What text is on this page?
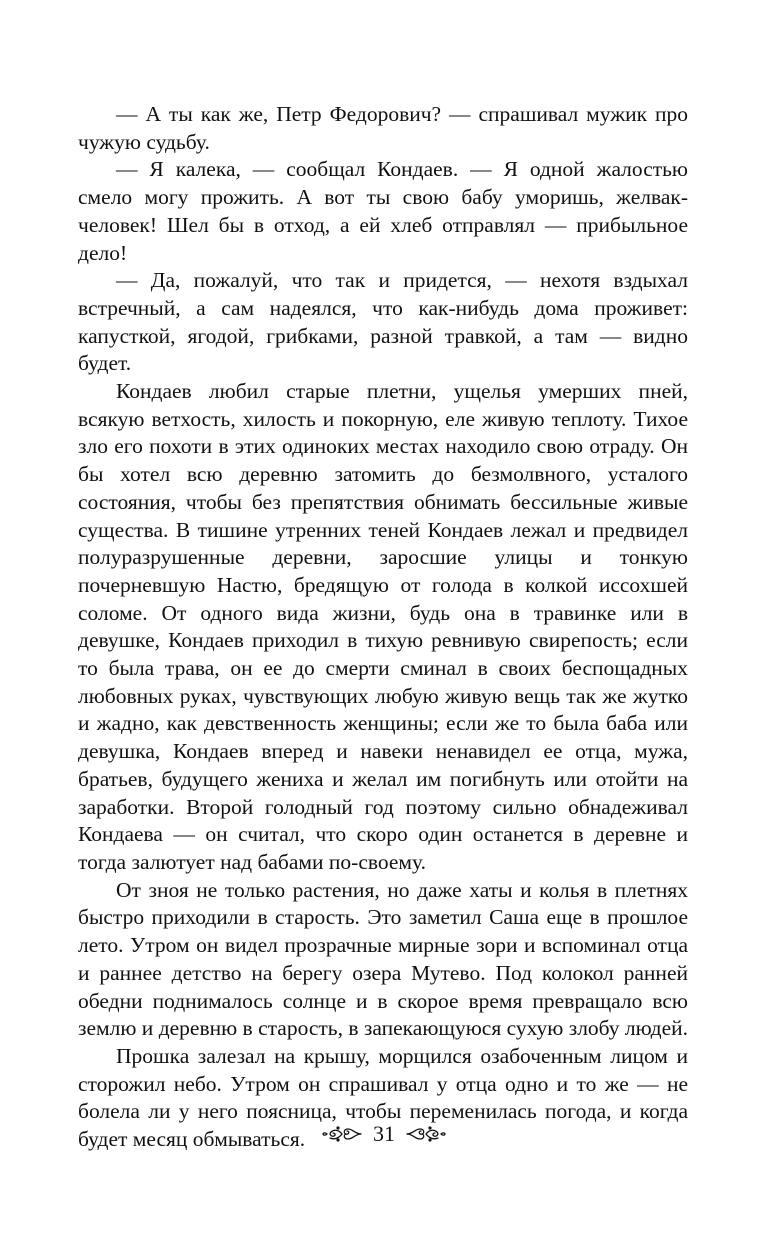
— А ты как же, Петр Федорович? — спрашивал мужик про чужую судьбу.

— Я калека, — сообщал Кондаев. — Я одной жалостью смело могу прожить. А вот ты свою бабу уморишь, желвак-человек! Шел бы в отход, а ей хлеб отправлял — прибыльное дело!

— Да, пожалуй, что так и придется, — нехотя вздыхал встречный, а сам надеялся, что как-нибудь дома проживет: капусткой, ягодой, грибками, разной травкой, а там — видно будет.

Кондаев любил старые плетни, ущелья умерших пней, всякую ветхость, хилость и покорную, еле живую теплоту. Тихое зло его похоти в этих одиноких местах находило свою отраду. Он бы хотел всю деревню затомить до безмолвного, усталого состояния, чтобы без препятствия обнимать бессильные живые существа. В тишине утренних теней Кондаев лежал и предвидел полуразрушенные деревни, заросшие улицы и тонкую почерневшую Настю, бредящую от голода в колкой иссохшей соломе. От одного вида жизни, будь она в травинке или в девушке, Кондаев приходил в тихую ревнивую свирепость; если то была трава, он ее до смерти сминал в своих беспощадных любовных руках, чувствующих любую живую вещь так же жутко и жадно, как девственность женщины; если же то была баба или девушка, Кондаев вперед и навеки ненавидел ее отца, мужа, братьев, будущего жениха и желал им погибнуть или отойти на заработки. Второй голодный год поэтому сильно обнадеживал Кондаева — он считал, что скоро один останется в деревне и тогда залютует над бабами по-своему.

От зноя не только растения, но даже хаты и колья в плетнях быстро приходили в старость. Это заметил Саша еще в прошлое лето. Утром он видел прозрачные мирные зори и вспоминал отца и раннее детство на берегу озера Мутево. Под колокол ранней обедни поднималось солнце и в скорое время превращало всю землю и деревню в старость, в запекающуюся сухую злобу людей.

Прошка залезал на крышу, морщился озабоченным лицом и сторожил небо. Утром он спрашивал у отца одно и то же — не болела ли у него поясница, чтобы переменилась погода, и когда будет месяц обмываться.	31
